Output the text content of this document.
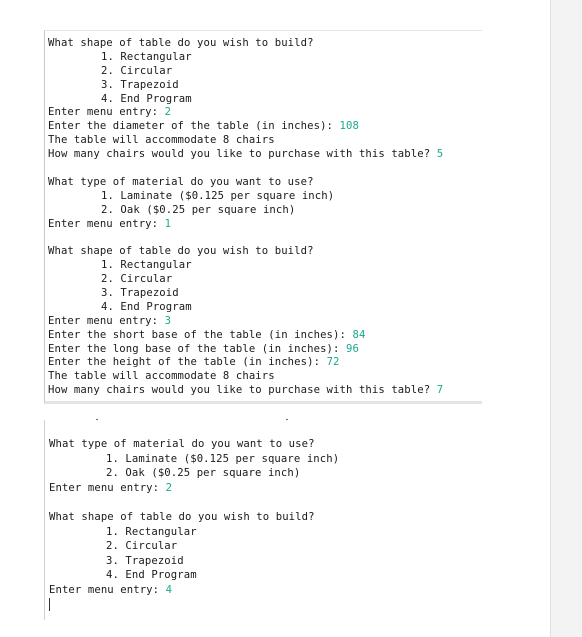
What shape of table do you wish to build?
1. Rectangular
2. Circular
3. Trapezoid
4. End Program
Enter menu entry: 2
Enter the diameter of the table (in inches): 108
The table will accommodate 8 chairs
How many chairs would you like to purchase with this table? 5
What type of material do you want to use?
1. Laminate ($0.125 per square inch)
2. Oak ($0.25 per square inch)
Enter menu entry: 1
What shape of table do you wish to build?
1. Rectangular
2. Circular
3. Trapezoid
4. End Program
Enter menu entry: 3
Enter the short base of the table (in inches): 84
Enter the long base of the table (in inches): 96
Enter the height of the table (in inches): 72
The table will accommodate 8 chairs
How many chairs would you like to purchase with this table? 7
What type of material do you want to use?
1. Laminate ($0.125 per square inch)
2. Oak ($0.25 per square inch)
Enter menu entry: 2
What shape of table do you wish to build?
1. Rectangular
2. Circular
3. Trapezoid
4. End Program
Enter menu entry: 4
